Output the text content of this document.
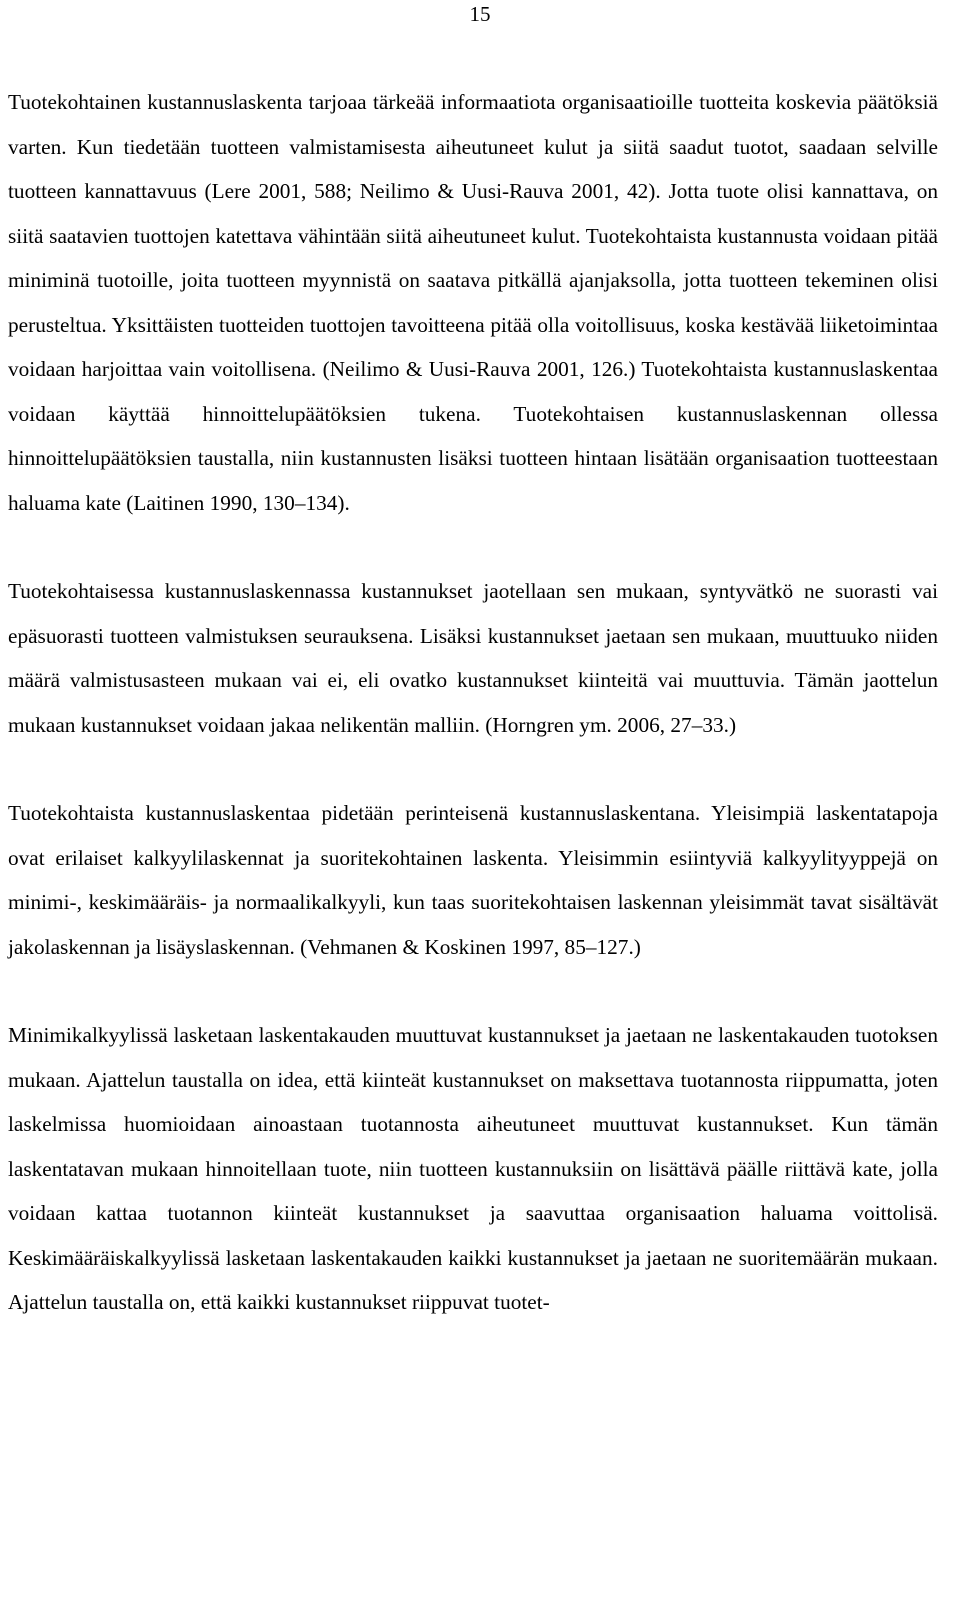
15

Tuotekohtainen kustannuslaskenta tarjoaa tärkeää informaatiota organisaatioille tuotteita koskevia päätöksiä varten. Kun tiedetään tuotteen valmistamisesta aiheutuneet kulut ja siitä saadut tuotot, saadaan selville tuotteen kannattavuus (Lere 2001, 588; Neilimo & Uusi-Rauva 2001, 42). Jotta tuote olisi kannattava, on siitä saatavien tuottojen katettava vähintään siitä aiheutuneet kulut. Tuotekohtaista kustannusta voidaan pitää miniminä tuotoille, joita tuotteen myynnistä on saatava pitkällä ajanjaksolla, jotta tuotteen tekeminen olisi perusteltua. Yksittäisten tuotteiden tuottojen tavoitteena pitää olla voitollisuus, koska kestävää liiketoimintaa voidaan harjoittaa vain voitollisena. (Neilimo & Uusi-Rauva 2001, 126.) Tuotekohtaista kustannuslaskentaa voidaan käyttää hinnoittelupäätöksien tukena. Tuotekohtaisen kustannuslaskennan ollessa hinnoittelupäätöksien taustalla, niin kustannusten lisäksi tuotteen hintaan lisätään organisaation tuotteestaan haluama kate (Laitinen 1990, 130–134).

Tuotekohtaisessa kustannuslaskennassa kustannukset jaotellaan sen mukaan, syntyvätkö ne suorasti vai epäsuorasti tuotteen valmistuksen seurauksena. Lisäksi kustannukset jaetaan sen mukaan, muuttuuko niiden määrä valmistusasteen mukaan vai ei, eli ovatko kustannukset kiinteitä vai muuttuvia. Tämän jaottelun mukaan kustannukset voidaan jakaa nelikentän malliin. (Horngren ym. 2006, 27–33.)

Tuotekohtaista kustannuslaskentaa pidetään perinteisenä kustannuslaskentana. Yleisimpiä laskentatapoja ovat erilaiset kalkyylilaskennat ja suoritekohtainen laskenta. Yleisimmin esiintyviä kalkyylityyppejä on minimi-, keskimääräis- ja normaalikalkyyli, kun taas suoritekohtaisen laskennan yleisimmät tavat sisältävät jakolaskennan ja lisäyslaskennan. (Vehmanen & Koskinen 1997, 85–127.)

Minimikalkyylissä lasketaan laskentakauden muuttuvat kustannukset ja jaetaan ne laskentakauden tuotoksen mukaan. Ajattelun taustalla on idea, että kiinteät kustannukset on maksettava tuotannosta riippumatta, joten laskelmissa huomioidaan ainoastaan tuotannosta aiheutuneet muuttuvat kustannukset. Kun tämän laskentatavan mukaan hinnoitellaan tuote, niin tuotteen kustannuksiin on lisättävä päälle riittävä kate, jolla voidaan kattaa tuotannon kiinteät kustannukset ja saavuttaa organisaation haluama voittolisä. Keskimääräiskalkyylissä lasketaan laskentakauden kaikki kustannukset ja jaetaan ne suoritemäärän mukaan. Ajattelun taustalla on, että kaikki kustannukset riippuvat tuotet-
